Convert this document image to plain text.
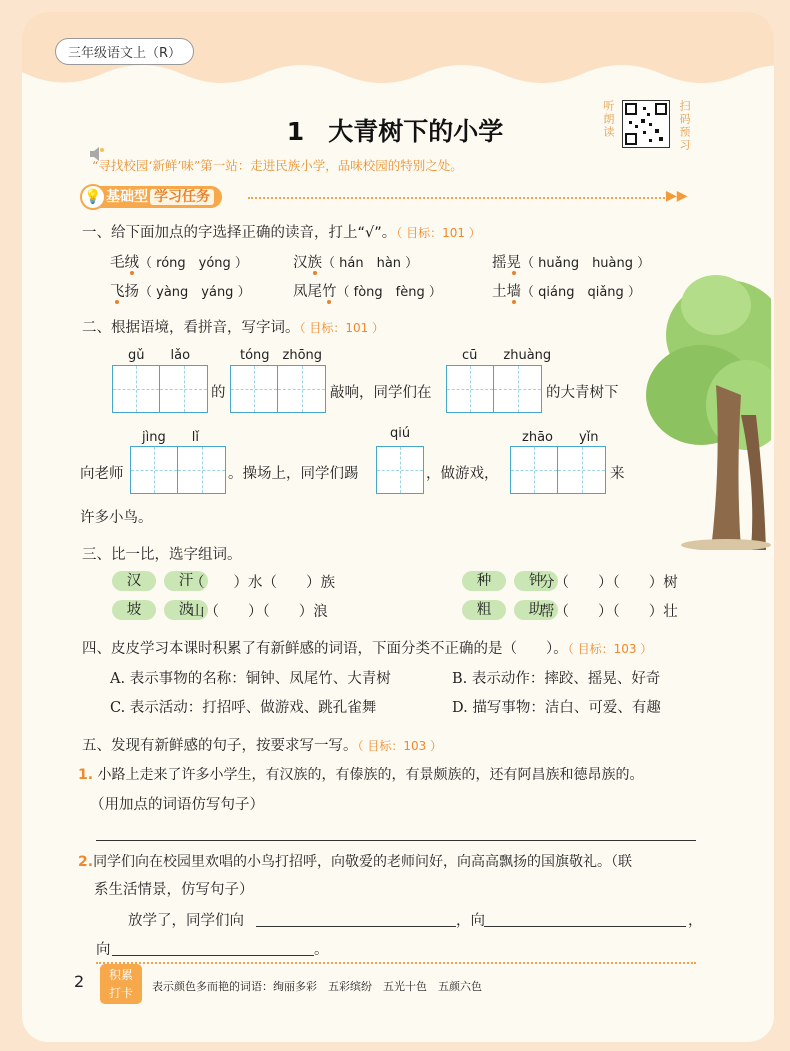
三年级语文上（R）
1 大青树下的小学	听朗读	扫码预习
“寻找校园‘新鲜’味”第一站：走进民族小学，品味校园的特别之处。
💡 基础型 学习任务	▶▶
一、给下面加点的字选择正确的读音，打上“√”。（ 目标：101 ）
毛绒（ róng　yóng ）	汉族（ hán　hàn ）	摇晃（ huǎng　huàng ）
飞扬（ yàng　yáng ）	凤尾竹（ fòng　fèng ）	土墙（ qiáng　qiǎng ）
二、根据语境，看拼音，写字词。（ 目标：101 ）
gǔ　　lǎo	tóng　zhōng	cū　　zhuàng
的	敲响，同学们在	的大青树下
jìng　　lǐ	qiú	zhāo　　yǐn
向老师	。操场上，同学们踢	，做游戏，	来
许多小鸟。
三、比一比，选字组词。
汉	汗
（　　）水（　　）族
坡	波
山（　　）（　　）浪
种	钟
分（　　）（　　）树
粗	助
帮（　　）（　　）壮
四、皮皮学习本课时积累了有新鲜感的词语，下面分类不正确的是（　　）。（ 目标：103 ）
A. 表示事物的名称：铜钟、凤尾竹、大青树	B. 表示动作：摔跤、摇晃、好奇
C. 表示活动：打招呼、做游戏、跳孔雀舞	D. 描写事物：洁白、可爱、有趣
五、发现有新鲜感的句子，按要求写一写。（ 目标：103 ）
1. 小路上走来了许多小学生，有汉族的，有傣族的，有景颇族的，还有阿昌族和德昂族的。
（用加点的词语仿写句子）
2.同学们向在校园里欢唱的小鸟打招呼，向敬爱的老师问好，向高高飘扬的国旗敬礼。（联
系生活情景，仿写句子）
放学了，同学们向	，向	，
向	。
2	积累
打卡	表示颜色多而艳的词语：绚丽多彩　五彩缤纷　五光十色　五颜六色
